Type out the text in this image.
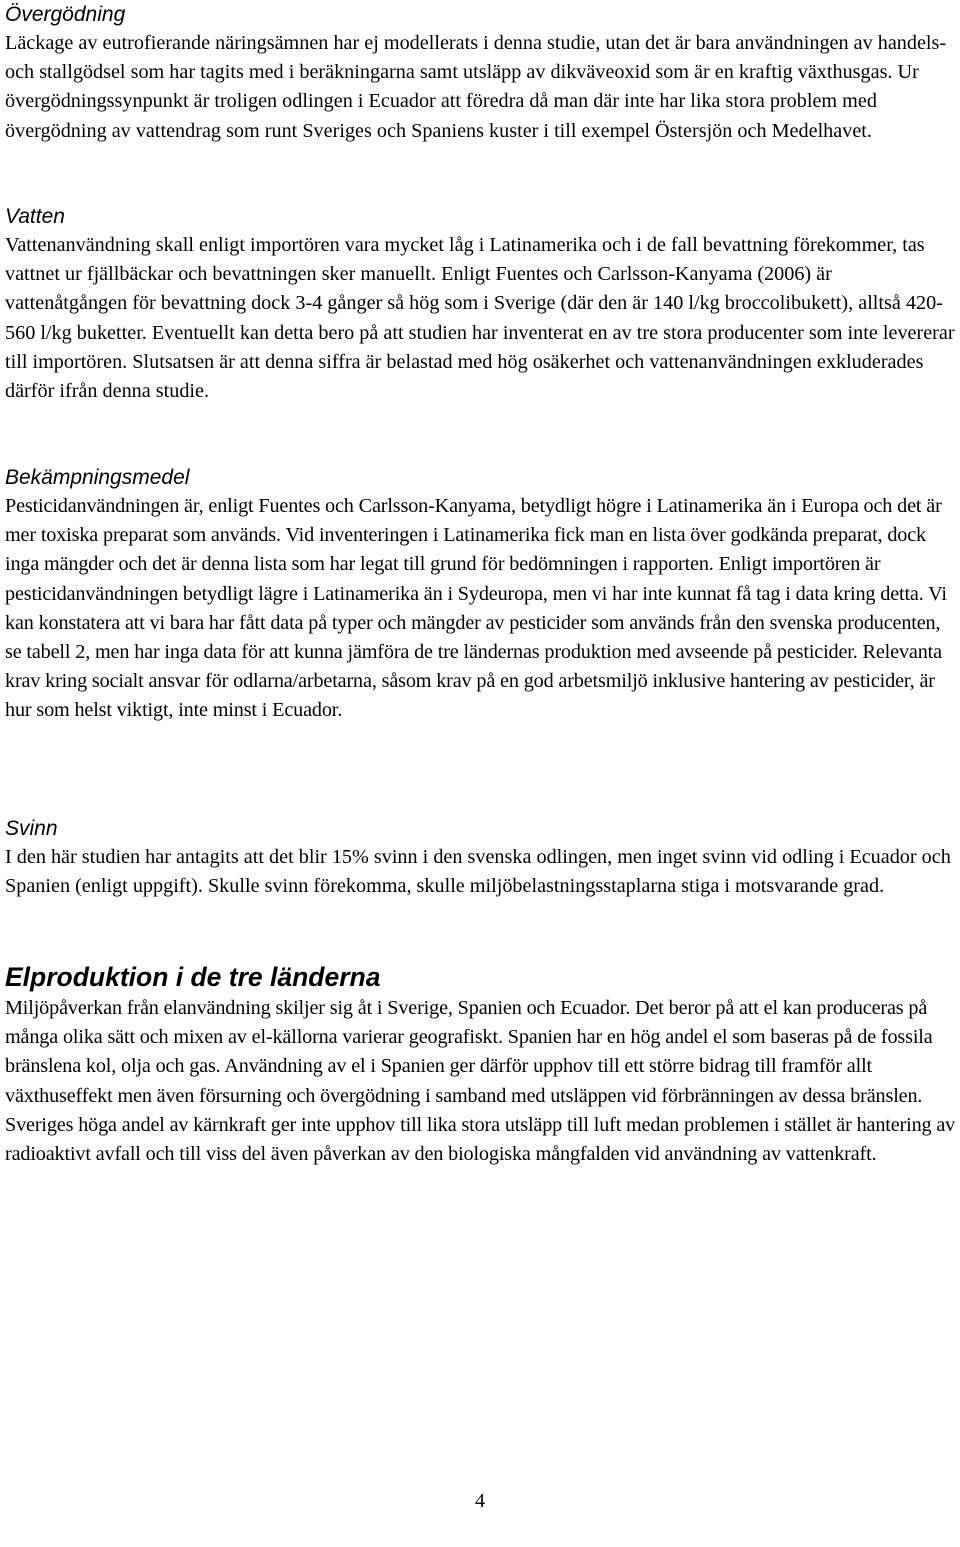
Övergödning

Läckage av eutrofierande näringsämnen har ej modellerats i denna studie, utan det är bara användningen av handels- och stallgödsel som har tagits med i beräkningarna samt utsläpp av dikväveoxid som är en kraftig växthusgas. Ur övergödningssynpunkt är troligen odlingen i Ecuador att föredra då man där inte har lika stora problem med övergödning av vattendrag som runt Sveriges och Spaniens kuster i till exempel Östersjön och Medelhavet.

Vatten

Vattenanvändning skall enligt importören vara mycket låg i Latinamerika och i de fall bevattning förekommer, tas vattnet ur fjällbäckar och bevattningen sker manuellt. Enligt Fuentes och Carlsson-Kanyama (2006) är vattenåtgången för bevattning dock 3-4 gånger så hög som i Sverige (där den är 140 l/kg broccolibukett), alltså 420-560 l/kg buketter. Eventuellt kan detta bero på att studien har inventerat en av tre stora producenter som inte levererar till importören. Slutsatsen är att denna siffra är belastad med hög osäkerhet och vattenanvändningen exkluderades därför ifrån denna studie.

Bekämpningsmedel

Pesticidanvändningen är, enligt Fuentes och Carlsson-Kanyama, betydligt högre i Latinamerika än i Europa och det är mer toxiska preparat som används. Vid inventeringen i Latinamerika fick man en lista över godkända preparat, dock inga mängder och det är denna lista som har legat till grund för bedömningen i rapporten. Enligt importören är pesticidanvändningen betydligt lägre i Latinamerika än i Sydeuropa, men vi har inte kunnat få tag i data kring detta. Vi kan konstatera att vi bara har fått data på typer och mängder av pesticider som används från den svenska producenten, se tabell 2, men har inga data för att kunna jämföra de tre ländernas produktion med avseende på pesticider. Relevanta krav kring socialt ansvar för odlarna/arbetarna, såsom krav på en god arbetsmiljö inklusive hantering av pesticider, är hur som helst viktigt, inte minst i Ecuador.

Svinn

I den här studien har antagits att det blir 15% svinn i den svenska odlingen, men inget svinn vid odling i Ecuador och Spanien (enligt uppgift). Skulle svinn förekomma, skulle miljöbelastningsstaplarna stiga i motsvarande grad.

Elproduktion i de tre länderna

Miljöpåverkan från elanvändning skiljer sig åt i Sverige, Spanien och Ecuador. Det beror på att el kan produceras på många olika sätt och mixen av el-källorna varierar geografiskt. Spanien har en hög andel el som baseras på de fossila bränslena kol, olja och gas. Användning av el i Spanien ger därför upphov till ett större bidrag till framför allt växthuseffekt men även försurning och övergödning i samband med utsläppen vid förbränningen av dessa bränslen. Sveriges höga andel av kärnkraft ger inte upphov till lika stora utsläpp till luft medan problemen i stället är hantering av radioaktivt avfall och till viss del även påverkan av den biologiska mångfalden vid användning av vattenkraft.

4
